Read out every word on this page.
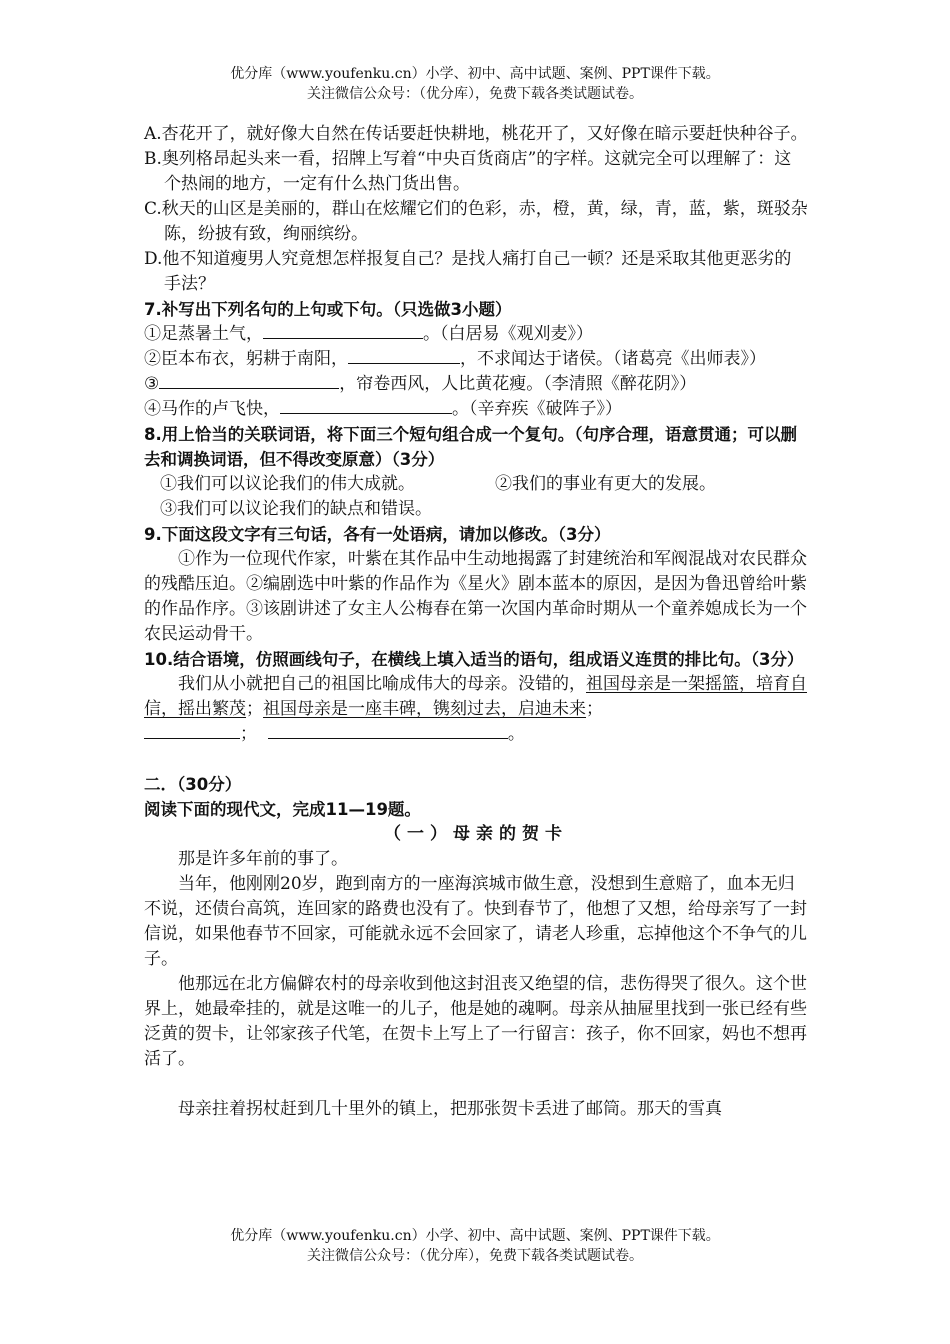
优分库（www.youfenku.cn）小学、初中、高中试题、案例、PPT课件下载。
关注微信公众号：（优分库），免费下载各类试题试卷。

A.杏花开了，就好像大自然在传话要赶快耕地，桃花开了，又好像在暗示要赶快种谷子。

B.奥列格昂起头来一看，招牌上写着“中央百货商店”的字样。这就完全可以理解了：这个热闹的地方，一定有什么热门货出售。

C.秋天的山区是美丽的，群山在炫耀它们的色彩，赤，橙，黄，绿，青，蓝，紫，斑驳杂陈，纷披有致，绚丽缤纷。

D.他不知道瘦男人究竟想怎样报复自己？是找人痛打自己一顿？还是采取其他更恶劣的手法？

7.补写出下列名句的上句或下句。（只选做3小题）

①足蒸暑土气，	。（白居易《观刈麦》）

②臣本布衣，躬耕于南阳，	，不求闻达于诸侯。（诸葛亮《出师表》）

③	，帘卷西风，人比黄花瘦。（李清照《醉花阴》）

④马作的卢飞快，	。（辛弃疾《破阵子》）

8.用上恰当的关联词语，将下面三个短句组合成一个复句。（句序合理，语意贯通；可以删去和调换词语，但不得改变原意）（3分）

①我们可以议论我们的伟大成就。	②我们的事业有更大的发展。

③我们可以议论我们的缺点和错误。

9.下面这段文字有三句话，各有一处语病，请加以修改。（3分）

①作为一位现代作家，叶紫在其作品中生动地揭露了封建统治和军阀混战对农民群众的残酷压迫。②编剧选中叶紫的作品作为《星火》剧本蓝本的原因，是因为鲁迅曾给叶紫的作品作序。③该剧讲述了女主人公梅春在第一次国内革命时期从一个童养媳成长为一个农民运动骨干。

10.结合语境，仿照画线句子，在横线上填入适当的语句，组成语义连贯的排比句。（3分）

我们从小就把自己的祖国比喻成伟大的母亲。没错的，祖国母亲是一架摇篮，培育自信，摇出繁茂；祖国母亲是一座丰碑，镌刻过去，启迪未来；

；	。

二．（30分）

阅读下面的现代文，完成11—19题。

（一）母亲的贺卡

那是许多年前的事了。

当年，他刚刚20岁，跑到南方的一座海滨城市做生意，没想到生意赔了，血本无归不说，还债台高筑，连回家的路费也没有了。快到春节了，他想了又想，给母亲写了一封信说，如果他春节不回家，可能就永远不会回家了，请老人珍重，忘掉他这个不争气的儿子。

他那远在北方偏僻农村的母亲收到他这封沮丧又绝望的信，悲伤得哭了很久。这个世界上，她最牵挂的，就是这唯一的儿子，他是她的魂啊。母亲从抽屉里找到一张已经有些泛黄的贺卡，让邻家孩子代笔，在贺卡上写上了一行留言：孩子，你不回家，妈也不想再活了。

母亲拄着拐杖赶到几十里外的镇上，把那张贺卡丢进了邮筒。那天的雪真

优分库（www.youfenku.cn）小学、初中、高中试题、案例、PPT课件下载。
关注微信公众号：（优分库），免费下载各类试题试卷。
